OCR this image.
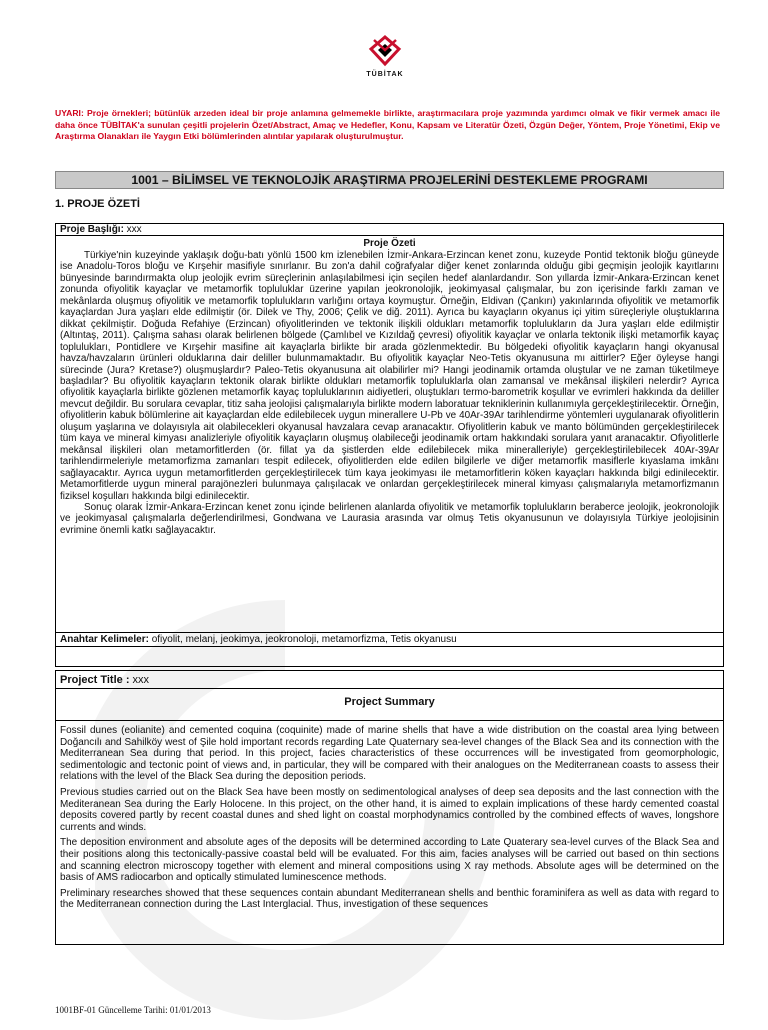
TÜBİTAK
UYARI: Proje örnekleri; bütünlük arzeden ideal bir proje anlamına gelmemekle birlikte, araştırmacılara proje yazımında yardımcı olmak ve fikir vermek amacı ile daha önce TÜBİTAK'a sunulan çeşitli projelerin Özet/Abstract, Amaç ve Hedefler, Konu, Kapsam ve Literatür Özeti, Özgün Değer, Yöntem, Proje Yönetimi, Ekip ve Araştırma Olanakları ile Yaygın Etki bölümlerinden alıntılar yapılarak oluşturulmuştur.
1001 – BİLİMSEL VE TEKNOLOJİK ARAŞTIRMA PROJELERİNİ DESTEKLEME PROGRAMI
1. PROJE ÖZETİ
Proje Başlığı: xxx

Proje Özeti

Türkiye'nin kuzeyinde yaklaşık doğu-batı yönlü 1500 km izlenebilen İzmir-Ankara-Erzincan kenet zonu, kuzeyde Pontid tektonik bloğu güneyde ise Anadolu-Toros bloğu ve Kırşehir masifiyle sınırlanır. Bu zon'a dahil coğrafyalar diğer kenet zonlarında olduğu gibi geçmişin jeolojik kayıtlarını bünyesinde barındırmakta olup jeolojik evrim süreçlerinin anlaşılabilmesi için seçilen hedef alanlardandır. Son yıllarda İzmir-Ankara-Erzincan kenet zonunda ofiyolitik kayaçlar ve metamorfik topluluklar üzerine yapılan jeokronolojik, jeokimyasal çalışmalar, bu zon içerisinde farklı zaman ve mekânlarda oluşmuş ofiyolitik ve metamorfik toplulukların varlığını ortaya koymuştur. Örneğin, Eldivan (Çankırı) yakınlarında ofiyolitik ve metamorfik kayaçlardan Jura yaşları elde edilmiştir (ör. Dilek ve Thy, 2006; Çelik ve diğ. 2011). Ayrıca bu kayaçların okyanus içi yitim süreçleriyle oluştuklarına dikkat çekilmiştir. Doğuda Refahiye (Erzincan) ofiyolitlerinden ve tektonik ilişkili oldukları metamorfik toplulukların da Jura yaşları elde edilmiştir (Altıntaş, 2011). Çalışma sahası olarak belirlenen bölgede (Çamlıbel ve Kızıldağ çevresi) ofiyolitik kayaçlar ve onlarla tektonik ilişki metamorfik kayaç toplulukları, Pontidlere ve Kırşehir masifine ait kayaçlarla birlikte bir arada gözlenmektedir. Bu bölgedeki ofiyolitik kayaçların hangi okyanusal havza/havzaların ürünleri olduklarına dair deliller bulunmamaktadır. Bu ofiyolitik kayaçlar Neo-Tetis okyanusuna mı aittirler? Eğer öyleyse hangi sürecinde (Jura? Kretase?) oluşmuşlardır? Paleo-Tetis okyanusuna ait olabilirler mi? Hangi jeodinamik ortamda oluştular ve ne zaman tüketilmeye başladılar? Bu ofiyolitik kayaçların tektonik olarak birlikte oldukları metamorfik topluluklarla olan zamansal ve mekânsal ilişkileri nelerdir? Ayrıca ofiyolitik kayaçlarla birlikte gözlenen metamorfik kayaç topluluklarının aidiyetleri, oluştukları termo-barometrik koşullar ve evrimleri hakkında da deliller mevcut değildir. Bu sorulara cevaplar, titiz saha jeolojisi çalışmalarıyla birlikte modern laboratuar tekniklerinin kullanımıyla gerçekleştirilecektir. Örneğin, ofiyolitlerin kabuk bölümlerine ait kayaçlardan elde edilebilecek uygun minerallere U-Pb ve 40Ar-39Ar tarihlendirme yöntemleri uygulanarak ofiyolitlerin oluşum yaşlarına ve dolayısıyla ait olabilecekleri okyanusal havzalara cevap aranacaktır. Ofiyolitlerin kabuk ve manto bölümünden gerçekleştirilecek tüm kaya ve mineral kimyası analizleriyle ofiyolitik kayaçların oluşmuş olabileceği jeodinamik ortam hakkındaki sorulara yanıt aranacaktır. Ofiyolitlerle mekânsal ilişkileri olan metamorfitlerden (ör. fillat ya da şistlerden elde edilebilecek mika mineralleriyle) gerçekleştirilebilecek 40Ar-39Ar tarihlendirmeleriyle metamorfizma zamanları tespit edilecek, ofiyolitlerden elde edilen bilgilerle ve diğer metamorfik masiflerle kıyaslama imkânı sağlayacaktır. Ayrıca uygun metamorfitlerden gerçekleştirilecek tüm kaya jeokimyası ile metamorfitlerin köken kayaçları hakkında bilgi edinilecektir. Metamorfitlerde uygun mineral parajönezleri bulunmaya çalışılacak ve onlardan gerçekleştirilecek mineral kimyası çalışmalarıyla metamorfizmanın fiziksel koşulları hakkında bilgi edinilecektir.

Sonuç olarak İzmir-Ankara-Erzincan kenet zonu içinde belirlenen alanlarda ofiyolitik ve metamorfik toplulukların beraberce jeolojik, jeokronolojik ve jeokimyasal çalışmalarla değerlendirilmesi, Gondwana ve Laurasia arasında var olmuş Tetis okyanusunun ve dolayısıyla Türkiye jeolojisinin evrimine önemli katkı sağlayacaktır.

Anahtar Kelimeler: ofiyolit, melanj, jeokimya, jeokronoloji, metamorfizma, Tetis okyanusu
Project Title : xxx
Project Summary

Fossil dunes (eolianite) and cemented coquina (coquinite) made of marine shells that have a wide distribution on the coastal area lying between Doğancılı and Sahilköy west of Şile hold important records regarding Late Quaternary sea-level changes of the Black Sea and its connection with the Mediterranean Sea during that period. In this project, facies characteristics of these occurrences will be investigated from geomorphologic, sedimentologic and tectonic point of views and, in particular, they will be compared with their analogues on the Mediterranean coasts to assess their relations with the level of the Black Sea during the deposition periods.

Previous studies carried out on the Black Sea have been mostly on sedimentological analyses of deep sea deposits and the last connection with the Mediteranean Sea during the Early Holocene. In this project, on the other hand, it is aimed to explain implications of these hardy cemented coastal deposits covered partly by recent coastal dunes and shed light on coastal morphodynamics controlled by the combined effects of waves, longshore currents and winds.

The deposition environment and absolute ages of the deposits will be determined according to Late Quaterary sea-level curves of the Black Sea and their positions along this tectonically-passive coastal beld will be evaluated. For this aim, facies analyses will be carried out based on thin sections and scanning electron microscopy together with element and mineral compositions using X ray methods. Absolute ages will be determined on the basis of AMS radiocarbon and optically stimulated luminescence methods.

Preliminary researches showed that these sequences contain abundant Mediterranean shells and benthic foraminifera as well as data with regard to the Mediterranean connection during the Last Interglacial. Thus, investigation of these sequences

1001BF-01 Güncelleme Tarihi: 01/01/2013
